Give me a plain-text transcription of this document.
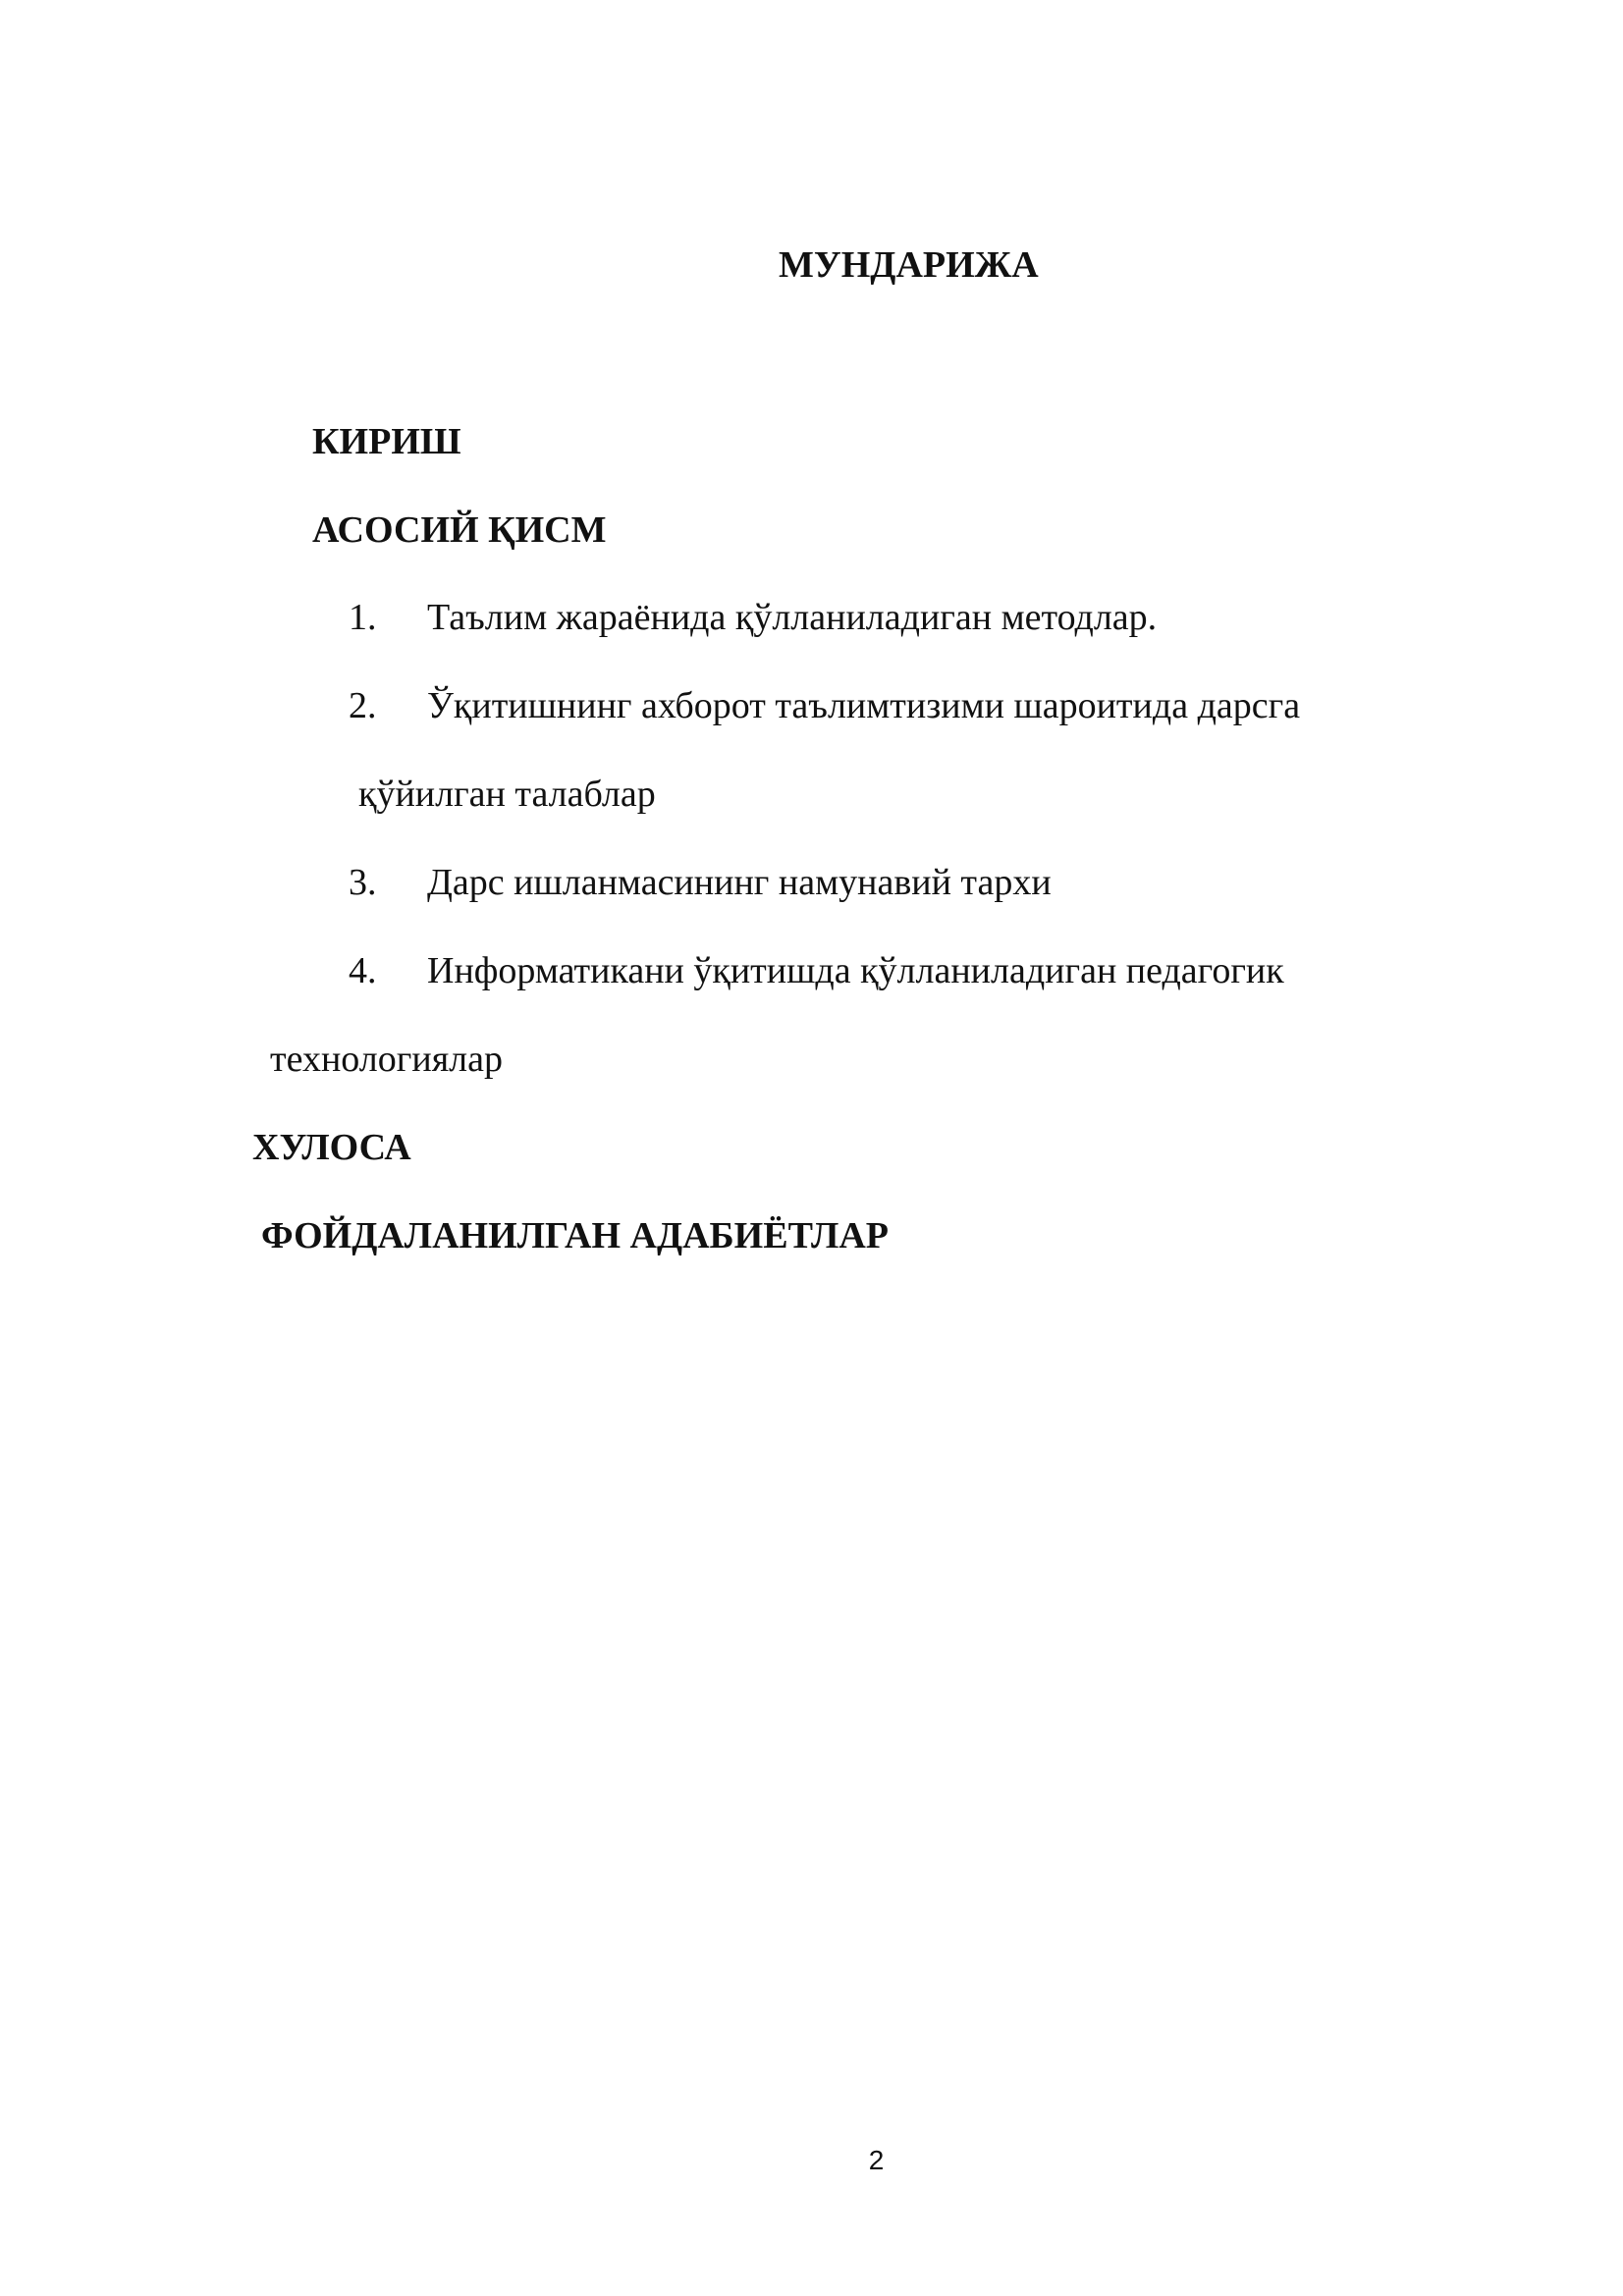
МУНДАРИЖА
КИРИШ
АСОСИЙ ҚИСМ
1. Таълим жараёнида қўлланиладиган методлар.
2. Ўқитишнинг ахборот таълимтизими шароитида дарсга
қўйилган талаблар
3. Дарс ишланмасининг намунавий тархи
4. Информатикани ўқитишда қўлланиладиган педагогик
технологиялар
ХУЛОСА
ФОЙДАЛАНИЛГАН АДАБИЁТЛАР
2
